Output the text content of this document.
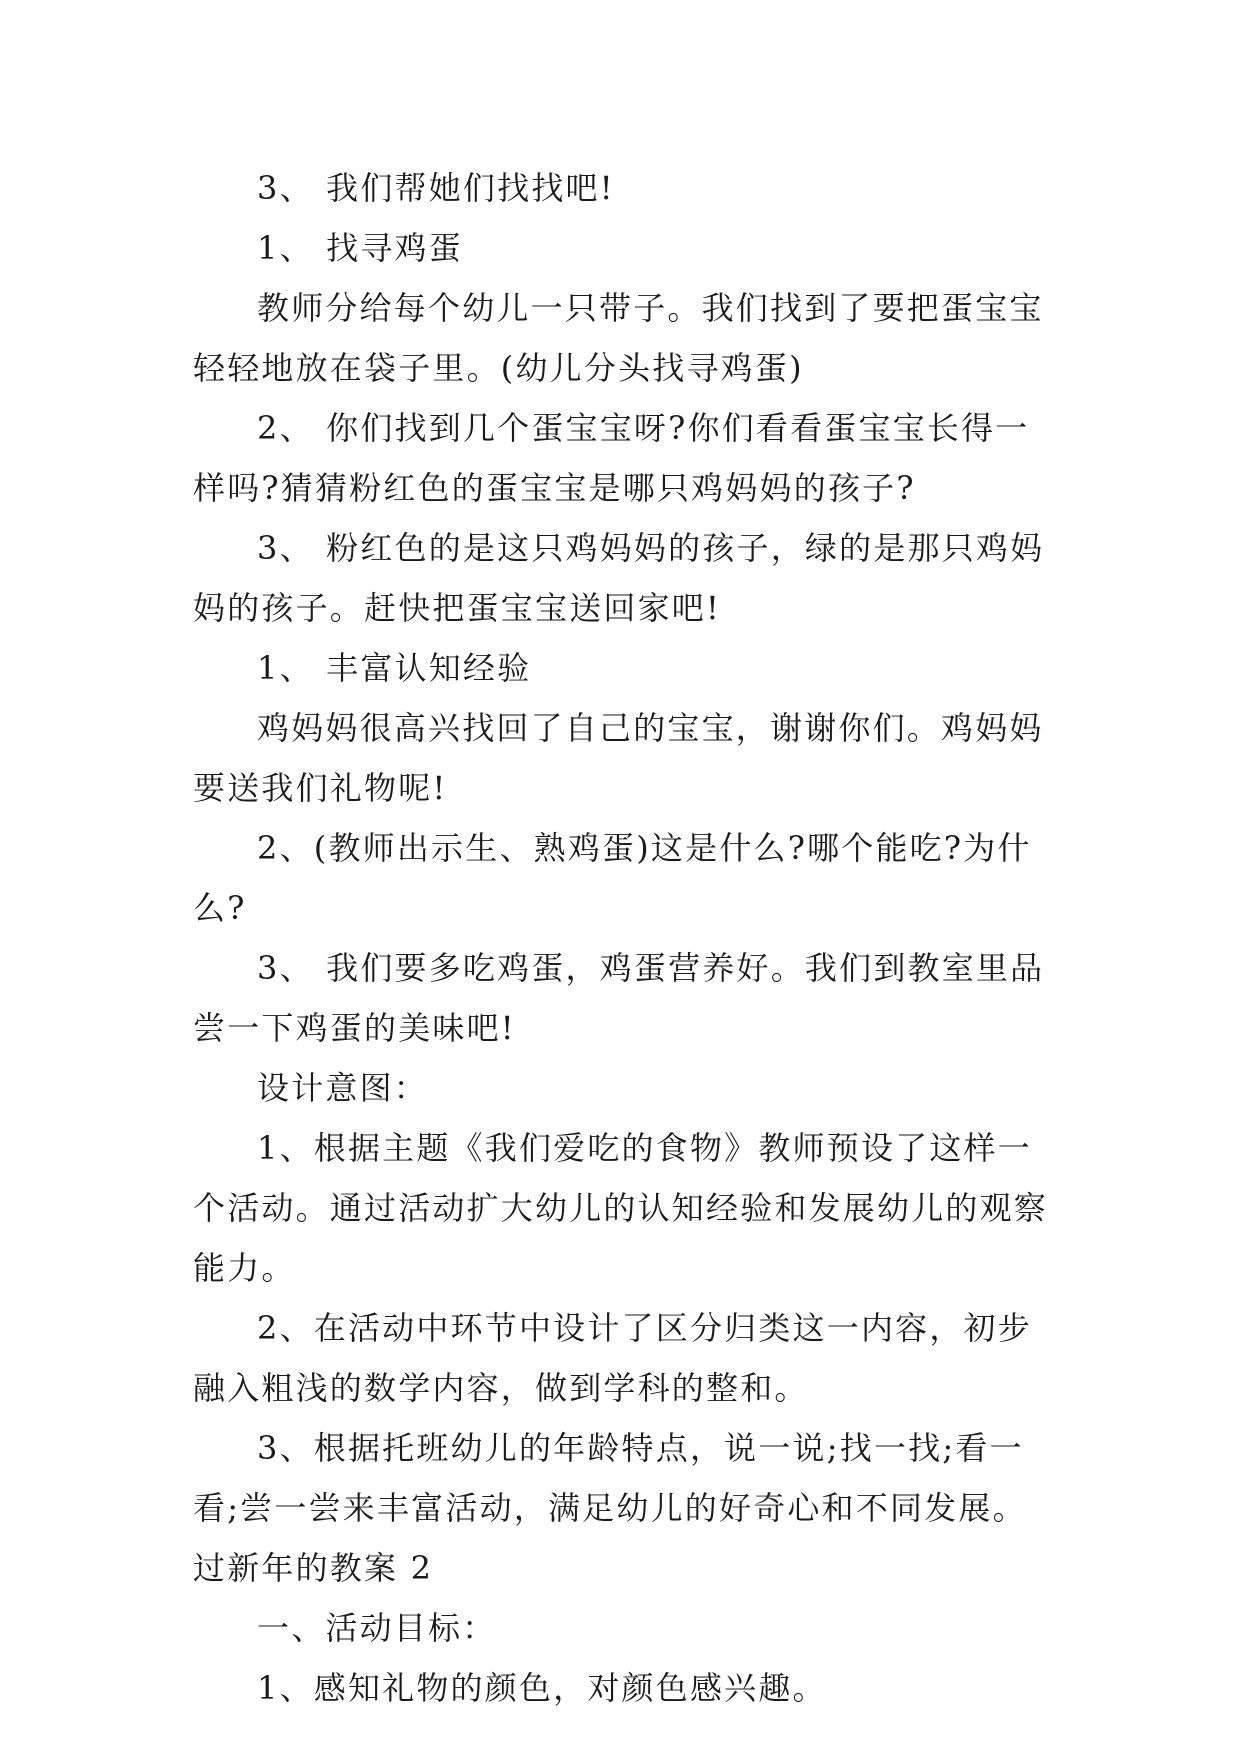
3、 我们帮她们找找吧!

1、 找寻鸡蛋

教师分给每个幼儿一只带子。我们找到了要把蛋宝宝轻轻地放在袋子里。(幼儿分头找寻鸡蛋)

2、 你们找到几个蛋宝宝呀?你们看看蛋宝宝长得一样吗?猜猜粉红色的蛋宝宝是哪只鸡妈妈的孩子?

3、 粉红色的是这只鸡妈妈的孩子，绿的是那只鸡妈妈的孩子。赶快把蛋宝宝送回家吧!

1、 丰富认知经验

鸡妈妈很高兴找回了自己的宝宝，谢谢你们。鸡妈妈要送我们礼物呢!

2、(教师出示生、熟鸡蛋)这是什么?哪个能吃?为什么?

3、 我们要多吃鸡蛋，鸡蛋营养好。我们到教室里品尝一下鸡蛋的美味吧!

设计意图：

1、根据主题《我们爱吃的食物》教师预设了这样一个活动。通过活动扩大幼儿的认知经验和发展幼儿的观察能力。

2、在活动中环节中设计了区分归类这一内容，初步融入粗浅的数学内容，做到学科的整和。

3、根据托班幼儿的年龄特点，说一说;找一找;看一看;尝一尝来丰富活动，满足幼儿的好奇心和不同发展。

过新年的教案 2

一、活动目标：

1、感知礼物的颜色，对颜色感兴趣。
